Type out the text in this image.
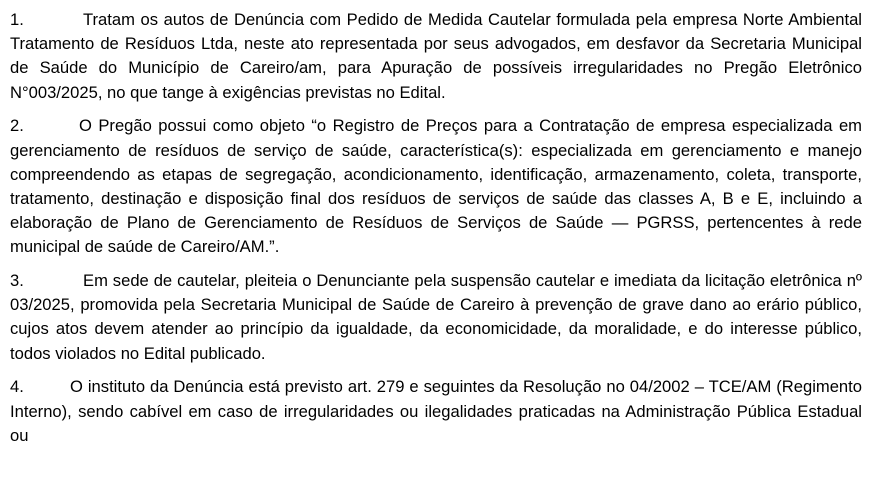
1.	Tratam os autos de Denúncia com Pedido de Medida Cautelar formulada pela empresa Norte Ambiental Tratamento de Resíduos Ltda, neste ato representada por seus advogados, em desfavor da Secretaria Municipal de Saúde do Município de Careiro/am, para Apuração de possíveis irregularidades no Pregão Eletrônico N°003/2025, no que tange à exigências previstas no Edital.

2.	O Pregão possui como objeto “o Registro de Preços para a Contratação de empresa especializada em gerenciamento de resíduos de serviço de saúde, característica(s): especializada em gerenciamento e manejo compreendendo as etapas de segregação, acondicionamento, identificação, armazenamento, coleta, transporte, tratamento, destinação e disposição final dos resíduos de serviços de saúde das classes A, B e E, incluindo a elaboração de Plano de Gerenciamento de Resíduos de Serviços de Saúde — PGRSS, pertencentes à rede municipal de saúde de Careiro/AM.”.

3.	Em sede de cautelar, pleiteia o Denunciante pela suspensão cautelar e imediata da licitação eletrônica nº 03/2025, promovida pela Secretaria Municipal de Saúde de Careiro à prevenção de grave dano ao erário público, cujos atos devem atender ao princípio da igualdade, da economicidade, da moralidade, e do interesse público, todos violados no Edital publicado.

4.	O instituto da Denúncia está previsto art. 279 e seguintes da Resolução no 04/2002 – TCE/AM (Regimento Interno), sendo cabível em caso de irregularidades ou ilegalidades praticadas na Administração Pública Estadual ou
